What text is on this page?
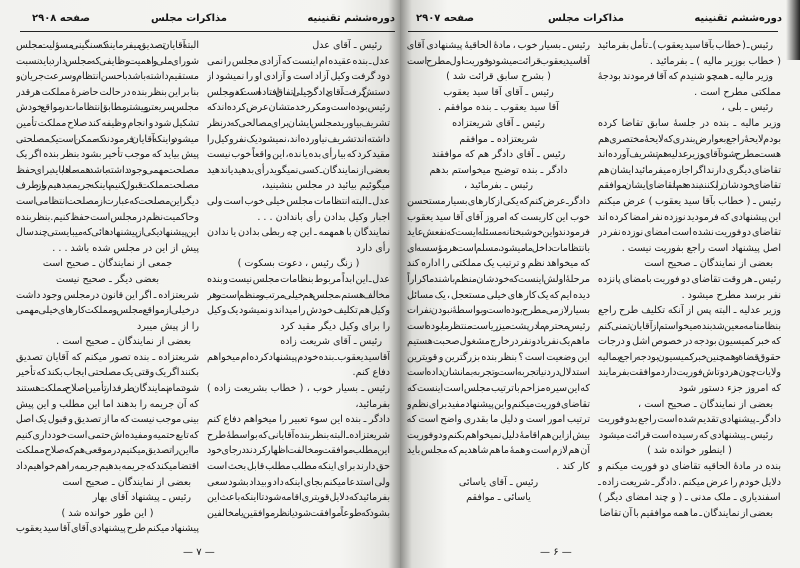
دوره‌ششم تقنینیه
مذاکرات مجلس
صفحه ۲۹۰۸
رئیس ـ آقای عدل
عدل ـ بنده عقیده ام اینست که آزادی مجلس را نمی
دود گرفت وکیل آزاد است و آزادی او را نمیشود از
دستش گرفت، آقای دادگر خیلی اتفاق افتاده است که در مجلس
رئیس بوده است و مکرر خدمتشان عرض کرده اند که
تشریف بیاورید مجلس ایشان برای مصالحی که در نظر
داشته اند تشریف نیاورده اند، نمیشود یک نفر وکیل را
مقید کرد که بیا رأی بده یا نده، این واقعاً خوب نیست
بعضی از نمایندگان ـ کسی نمیگوید رأی بدهید یا ندهید
میگوئیم بیائید در مجلس بنشینید،
عدل ـ البته انتظامات مجلس خیلی خوب است ولی
اجبار وکیل بدادن رأی باندادن . . .
نمایندگان با همهمه ـ این چه ربطی بدادن یا ندادن
رأی دارد
( زنگ رئیس ، دعوت بسکوت )
عدل ـ این ابداً مربوط بنظامات مجلس نیست و بنده
مخالف هستم، مجلس هم خیلی مرتب و منظم است و هر
وکیل هم تکلیف خودش را میداند و نمیشود یک وکیل
را برای وکیل دیگر مقید کرد
رئیس ـ آقای شریعت زاده
آقا سید یعقوب ـ بنده خودم پیشنهاد کرده ام میخواهم
دفاع کنم.
رئیس ـ بسیار خوب ، ( خطاب بشریعت زاده )
بفرمائید،
دادگر ـ بنده این سوء تعبیر را میخواهم دفاع کنم
شریعتزاده ـ البته بنظر بنده آقایانی که بواسطهٔ طرح
این مطلب موافقت و مخالفت اظهار کردند در جای خود
حق دارند برای اینکه مطلب مطلب قابل بحث است
ولی استدعا میکنم بجای اینکه داد و بیداد بشود سعی
بفرمائید که دلایل قویتری اقامه شود تا اینکه باعث این
بشود که طوعاً موافقت شود یا نظر موافقین یا مخالفین
البته آقایان تصدیق میفرمایند که سنگینی مسؤلیت مجلس
شورای ملی و اهمیت وظایفی که مجلس دارد باید نسبت
مستقیم داشته باشد با حسن انتظام و سرعت جریان و
بنا بر این بنظر بنده در حالت حاضرهٔ مملکت هرقدر
مجلس سریعتر و بیشتر مطابق انتظامات در مواقع خودش
تشکیل شود و انجام وظیفه کند صلاح مملکت تأمین
میشود واینکه آقایان فرمودند که ممکن است یک مصلحتی
پیش بیاید که موجب تأخیر بشود بنظر بنده اگر یک
مصلحت مهمی وجود داشته باشد همه ما ها باید برای حفظ
مصلحت مملکت قبول کنیم باینکه جریمه بدهیم، و از طرف
دیگر این مصلحت که عبارت از مصلحت انتظامی است
و حاکمیت نظم در مجلس است حفظ کنیم . بنظربنده
این پیشنهاد یکی از پیشنهاد هائی که میبایستی چندسال
پیش از این در مجلس شده باشد . . .
جمعی از نمایندگان ـ صحیح است
بعضی دیگر ـ صحیح نیست
شریعتزاده ـ اگر این قانون درمجلس وجود داشت
در خیلی از مواقع مجلس و مملکت کارهای خیلی مهمی
را از پیش میبرد
بعضی از نمایندگان ـ صحیح است .
شریعتزاده ـ بنده تصور میکنم که آقایان تصدیق
بکنند اگر یک وقتی یک مصلحتی ایجاب بکند که تأخیر
شود تمام نمایندگان طرفدار تأمین اصلاح مملکت هستند
که آن جریمه را بدهند اما این مطلب و این پیش
بینی موجب نیست که ما از تصدیق و قبول یک اصل
که تابع حتمیه ومفیده‌اش حتمی است خود داری‌کنیم
ما این را تصدیق میکنیم در موقعی هم که صلاح‌مملکت
اقتضا میکند که جریمه بدهیم جریمه را هم خواهیم‌داد
بعضی از نمایندگان ـ صحیح است
رئیس ـ پیشنهاد آقای بهار
( این طور خوانده شد )
پیشنهاد میکنم طرح پیشنهادی آقای آقا سید یعقوب
— ۷ —
دوره‌ششم تقنینیه
مذاکرات مجلس
صفحه ۲۹۰۷
رئیس ـ ( خطاب بآقا سید یعقوب ) ـ تأمل بفرمائید
( خطاب بوزیر مالیه ) ـ بفرمائید .
وزیر مالیه ـ همچو شنیدم که آقا فرمودند بودجهٔ
مملکتی مطرح است .
رئیس ـ بلی ،
وزیر مالیه ـ بنده در جلسهٔ سابق تقاضا کرده
بودم لایحهٔ راجع بعوارض بندری که لایحهٔ مختصری هم
هست مطرح شود آقای وزیر عدلیه هم تشریف‌آورده‌اند
تقاضای دیگری دارند اگر اجازه میفرمائید ایشان هم
تقاضای خودشان را بکنند بنده هم با تقاضای ایشان موافقم
رئیس ـ ( خطاب بآقا سید یعقوب ) عرض میکنم
این پیشنهادی که فرمودید نوزده نفر امضا کرده اند
تقاضای دو فوریت نشده است امضای نوزده نفر در
اصل پیشنهاد است راجع بفوریت نیست .
بعضی از نمایندگان ـ صحیح است
رئیس ـ هر وقت تقاضای دو فوریت بامضای پانزده
نفر برسد مطرح میشود .
وزیر عدلیه ـ البته پس از آنکه تکلیف طرح راجع
بنظامنامه معین شد بنده میخواستم از آقایان تمنی کنم
که خبر کمیسیون بودجه در خصوص اشل و درجات
حقوق قضاة و همچنین خبر کمیسیون بودجه راجع بمالیه
ولایات چون هر دوتاش فوریت دارد موافقت بفرمایند
که امروز جزء دستور شود
بعضی از نمایندگان ـ صحیح است ،
دادگر ـ پیشنهادی تقدیم شده است راجع بدو فوریت
رئیس ـ پیشنهادی که رسیده است قرائت میشود
( اینطور خوانده شد )
بنده در مادهٔ الحاقیه تقاضای دو فوریت میکنم و
دلایل خودم را عرض میکنم . دادگر ـ شریعت زاده ـ
اسفندیاری ـ ملک مدنی ـ ( و چند امضای دیگر )
بعضی از نمایندگان ـ ما همه موافقیم با آن تقاضا
رئیس ـ بسیار خوب ، مادهٔ الحاقیهٔ پیشنهادی آقای
آقا سید یعقوب قرائت میشود و فوریت اول مطرح است
( بشرح سابق قرائت شد )
رئیس ـ آقای آقا سید یعقوب
آقا سید یعقوب ـ بنده موافقم .
رئیس ـ آقای شریعتزاده
شریعتزاده ـ موافقم
رئیس ـ آقای دادگر هم که موافقند
دادگر ـ بنده توضیح میخواستم بدهم
رئیس ـ بفرمائید ،
دادگر ـ عرض کنم که یکی ازکارهای بسیار مستحسن
خوب این کاریست که امروز آقای آقا سید یعقوب
فرمودند و این خوشبختانه مسئله ایست که نفعش عاید
بانتظامات داخل ما میشود ، مسلم است هر مؤسسه ای
که میخواهد نظم و ترتیب یک مملکتی را اداره کند
مرحلهٔ اولش اینست که خودشان منظم باشند ما کراراً
دیده ایم که یک کار های خیلی مستعجل ، یک مسائل
بسیار لازمی مطرح بوده است و بواسطهٔ نبودن نفرات
رئیس محترم ما درپشت میز ریاست منتظر ما بوده است
ما هم یک نفر یا دو نفر درخارج مشغول صحبت هستیم
این وضعیت است ؟ بنظر بنده بزرگترین و قویترین
استدلال دردنیا تجربه است و تجربه بما نشان داده است
که این سیره مزاحم با ترتیب مجلس است اینست که
تقاضای فوریت میکنم و این پیشنهاد مفید برای نظم و
ترتیب امور است و دلیل ما بقدری واضح است که
بیش از این هم اقامهٔ دلیل نمیخواهم بکنم و دو فوریت
آن هم لازم است و همهٔ ما هم شاهدیم که مجلس باید
کار کند .
رئیس ـ آقای یاسائی
یاسائی ـ موافقم
— ۶ —
